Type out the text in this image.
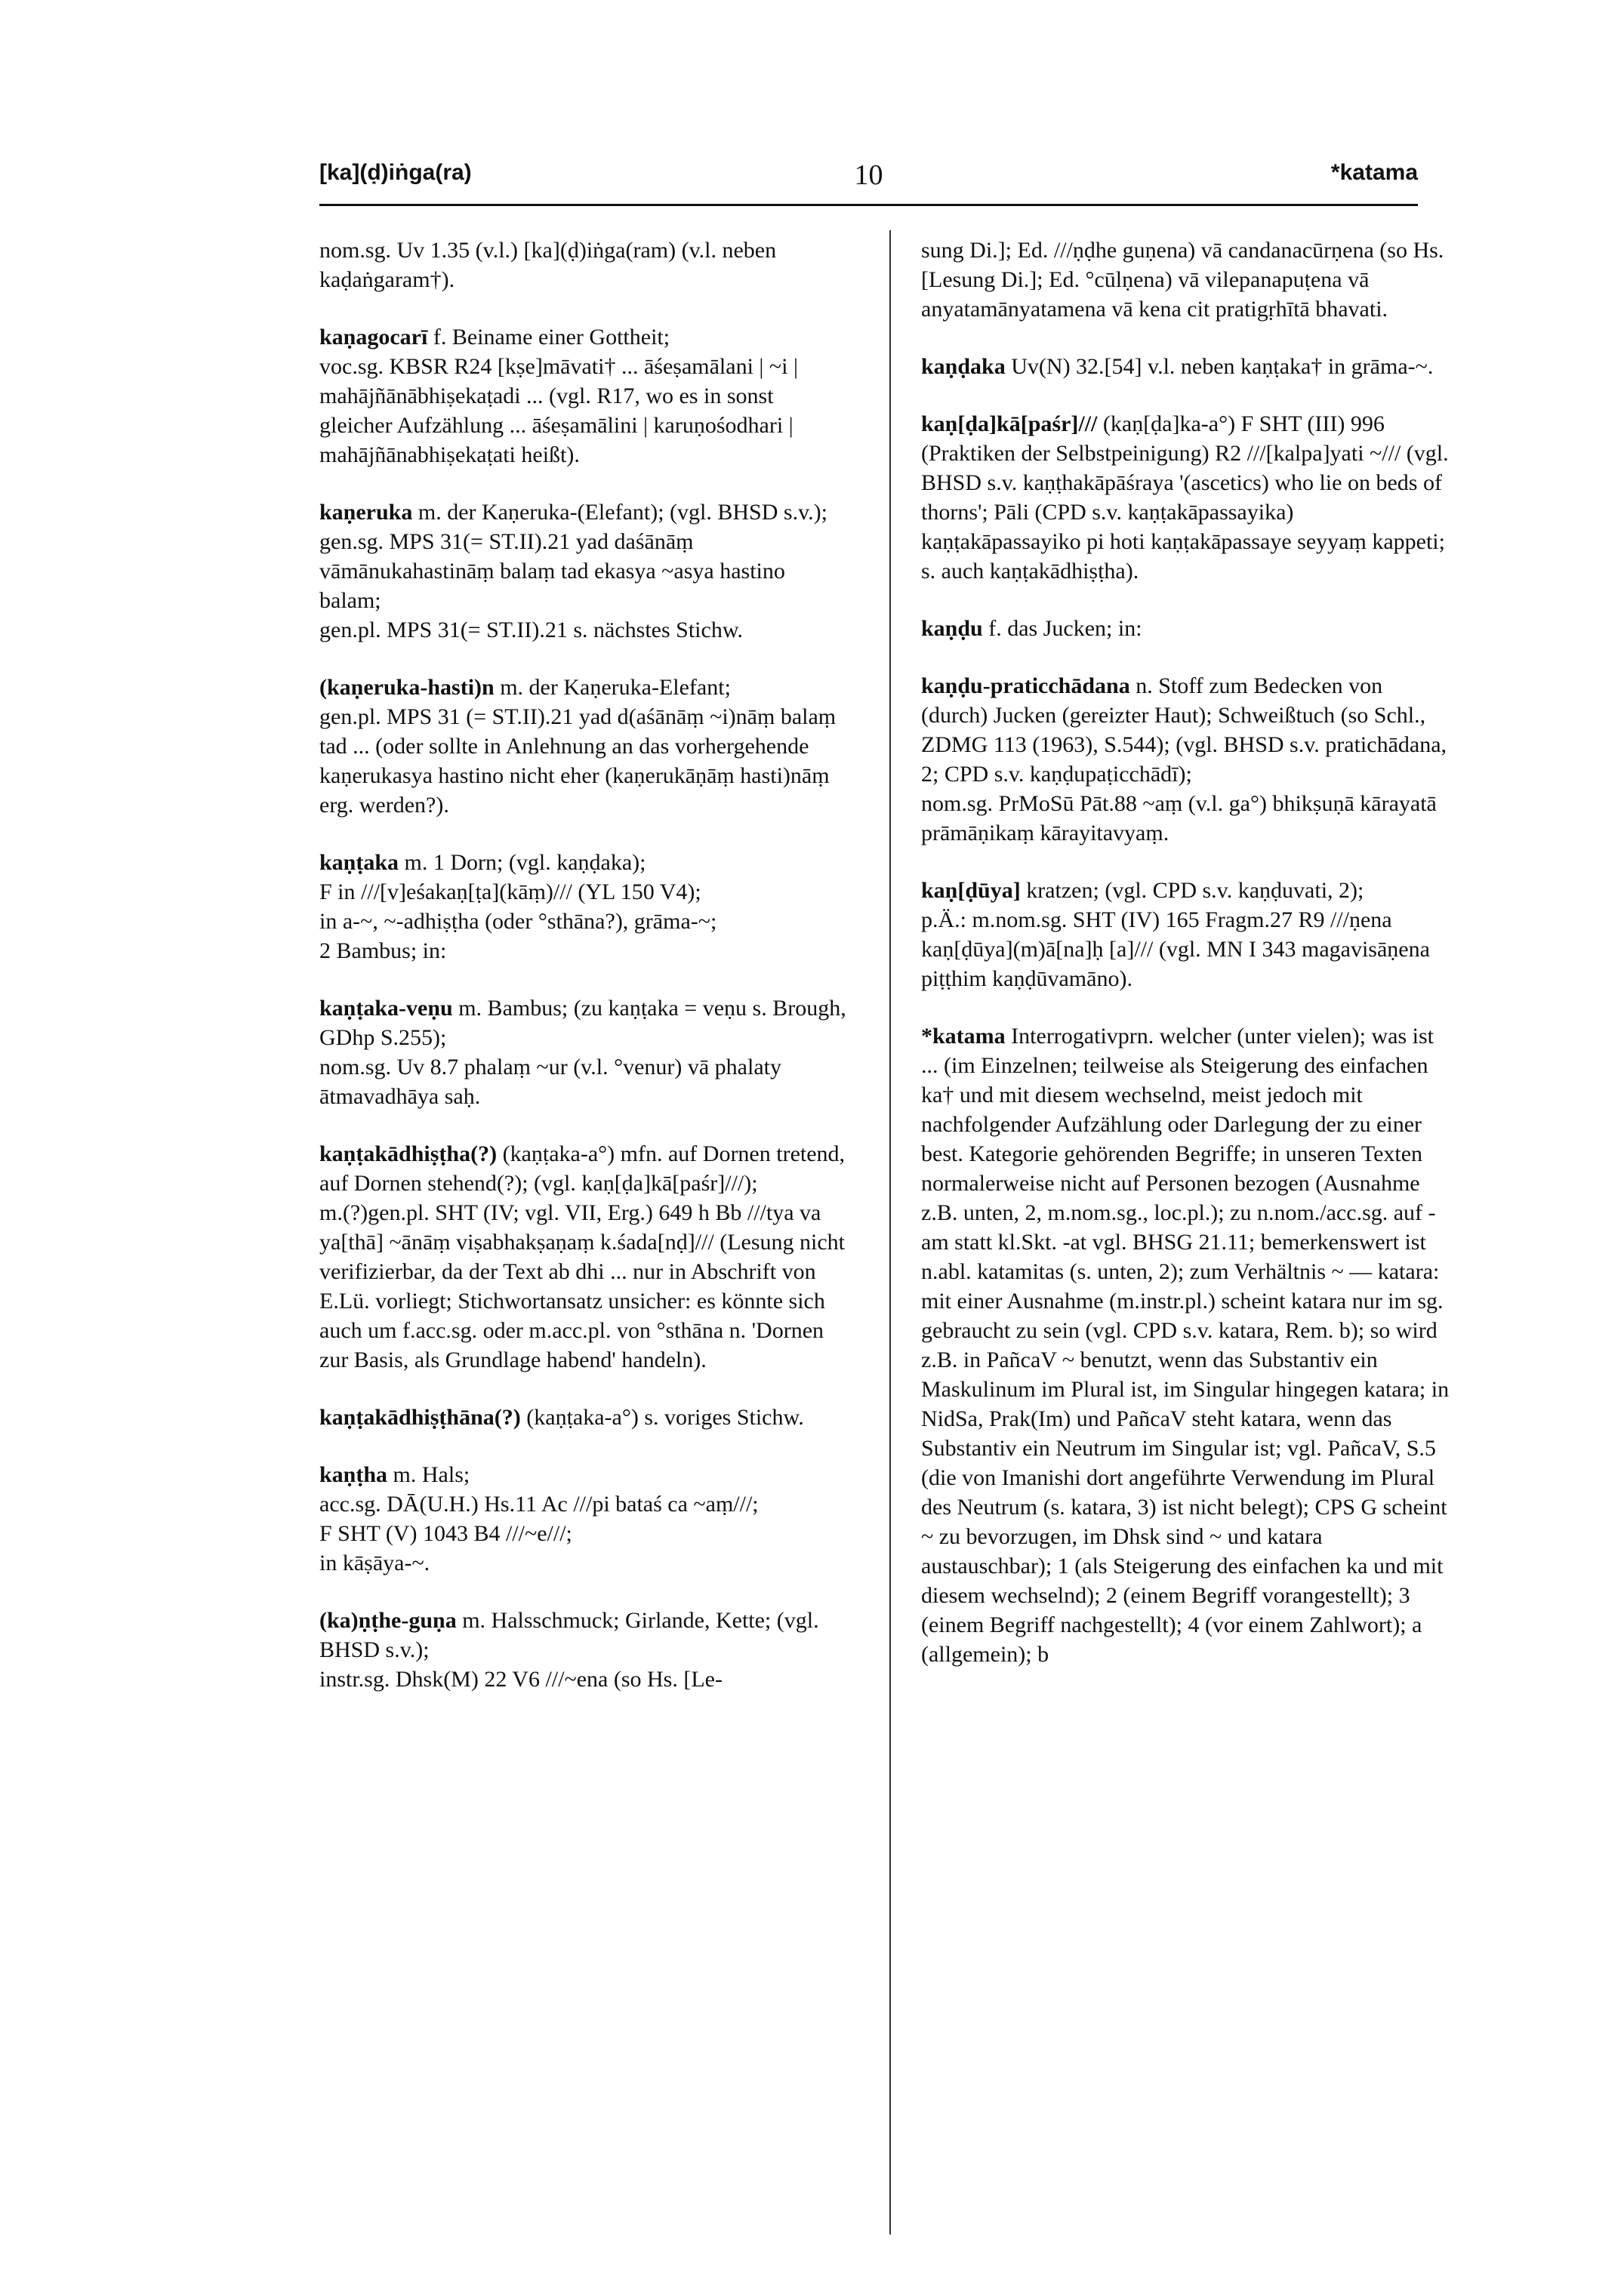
[ka](ḍ)iṅga(ra)	10	*katama

nom.sg. Uv 1.35 (v.l.) [ka](ḍ)iṅga(ram) (v.l. neben kaḍaṅgaram†).

kaṇagocarī f. Beiname einer Gottheit;

voc.sg. KBSR R24 [kṣe]māvati† ... āśeṣamālani | ~i | mahājñānābhiṣekaṭadi ... (vgl. R17, wo es in sonst gleicher Aufzählung ... āśeṣamālini | karuṇośodhari | mahājñānabhiṣekaṭati heißt).

kaṇeruka m. der Kaṇeruka-(Elefant); (vgl. BHSD s.v.);

gen.sg. MPS 31(= ST.II).21 yad daśānāṃ vāmānukahastināṃ balaṃ tad ekasya ~asya hastino balam;

gen.pl. MPS 31(= ST.II).21 s. nächstes Stichw.

(kaṇeruka-hasti)n m. der Kaṇeruka-Elefant;

gen.pl. MPS 31 (= ST.II).21 yad d(aśānāṃ ~i)nāṃ balaṃ tad ... (oder sollte in Anlehnung an das vorhergehende kaṇerukasya hastino nicht eher (kaṇerukāṇāṃ hasti)nāṃ erg. werden?).

kaṇṭaka m. 1 Dorn; (vgl. kaṇḍaka);

F in ///[v]eśakaṇ[ṭa](kāṃ)/// (YL 150 V4);

in a-~, ~-adhiṣṭha (oder °sthāna?), grāma-~;

2 Bambus; in:

kaṇṭaka-veṇu m. Bambus; (zu kaṇṭaka = veṇu s. Brough, GDhp S.255);

nom.sg. Uv 8.7 phalaṃ ~ur (v.l. °venur) vā phalaty ātmavadhāya saḥ.

kaṇṭakādhiṣṭha(?) (kaṇṭaka-a°) mfn. auf Dornen tretend, auf Dornen stehend(?); (vgl. kaṇ[ḍa]kā[paśr]///);

m.(?)gen.pl. SHT (IV; vgl. VII, Erg.) 649 h Bb ///tya va ya[thā] ~ānāṃ viṣabhakṣaṇaṃ k.śada[nḍ]/// (Lesung nicht verifizierbar, da der Text ab dhi ... nur in Abschrift von E.Lü. vorliegt; Stichwortansatz unsicher: es könnte sich auch um f.acc.sg. oder m.acc.pl. von °sthāna n. 'Dornen zur Basis, als Grundlage habend' handeln).

kaṇṭakādhiṣṭhāna(?) (kaṇṭaka-a°) s. voriges Stichw.

kaṇṭha m. Hals;

acc.sg. DĀ(U.H.) Hs.11 Ac ///pi bataś ca ~aṃ///;

F SHT (V) 1043 B4 ///~e///;

in kāṣāya-~.

(ka)ṇṭhe-guṇa m. Halsschmuck; Girlande, Kette; (vgl. BHSD s.v.);

instr.sg. Dhsk(M) 22 V6 ///~ena (so Hs. [Le-

sung Di.]; Ed. ///ṇḍhe guṇena) vā candanacūrṇena (so Hs. [Lesung Di.]; Ed. °cūlṇena) vā vilepanapuṭena vā anyatamānyatamena vā kena cit pratigṛhītā bhavati.

kaṇḍaka Uv(N) 32.[54] v.l. neben kaṇṭaka† in grāma-~.

kaṇ[ḍa]kā[paśr]/// (kaṇ[ḍa]ka-a°) F SHT (III) 996 (Praktiken der Selbstpeinigung) R2 ///[kalpa]yati ~/// (vgl. BHSD s.v. kaṇṭhakāpāśraya '(ascetics) who lie on beds of thorns'; Pāli (CPD s.v. kaṇṭakāpassayika) kaṇṭakāpassayiko pi hoti kaṇṭakāpassaye seyyaṃ kappeti; s. auch kaṇṭakādhiṣṭha).

kaṇḍu f. das Jucken; in:

kaṇḍu-praticchādana n. Stoff zum Bedecken von (durch) Jucken (gereizter Haut); Schweißtuch (so Schl., ZDMG 113 (1963), S.544); (vgl. BHSD s.v. pratichādana, 2; CPD s.v. kaṇḍupaṭicchādī);

nom.sg. PrMoSū Pāt.88 ~aṃ (v.l. ga°) bhikṣuṇā kārayatā prāmāṇikaṃ kārayitavyaṃ.

kaṇ[ḍūya] kratzen; (vgl. CPD s.v. kaṇḍuvati, 2);

p.Ä.: m.nom.sg. SHT (IV) 165 Fragm.27 R9 ///ṇena kaṇ[ḍūya](m)ā[na]ḥ [a]/// (vgl. MN I 343 magavisāṇena piṭṭhim kaṇḍūvamāno).

*katama Interrogativprn. welcher (unter vielen); was ist ... (im Einzelnen; teilweise als Steigerung des einfachen ka† und mit diesem wechselnd, meist jedoch mit nachfolgender Aufzählung oder Darlegung der zu einer best. Kategorie gehörenden Begriffe; in unseren Texten normalerweise nicht auf Personen bezogen (Ausnahme z.B. unten, 2, m.nom.sg., loc.pl.); zu n.nom./acc.sg. auf -am statt kl.Skt. -at vgl. BHSG 21.11; bemerkenswert ist n.abl. katamitas (s. unten, 2); zum Verhältnis ~ — katara: mit einer Ausnahme (m.instr.pl.) scheint katara nur im sg. gebraucht zu sein (vgl. CPD s.v. katara, Rem. b); so wird z.B. in PañcaV ~ benutzt, wenn das Substantiv ein Maskulinum im Plural ist, im Singular hingegen katara; in NidSa, Prak(Im) und PañcaV steht katara, wenn das Substantiv ein Neutrum im Singular ist; vgl. PañcaV, S.5 (die von Imanishi dort angeführte Verwendung im Plural des Neutrum (s. katara, 3) ist nicht belegt); CPS G scheint ~ zu bevorzugen, im Dhsk sind ~ und katara austauschbar); 1 (als Steigerung des einfachen ka und mit diesem wechselnd); 2 (einem Begriff vorangestellt); 3 (einem Begriff nachgestellt); 4 (vor einem Zahlwort); a (allgemein); b
